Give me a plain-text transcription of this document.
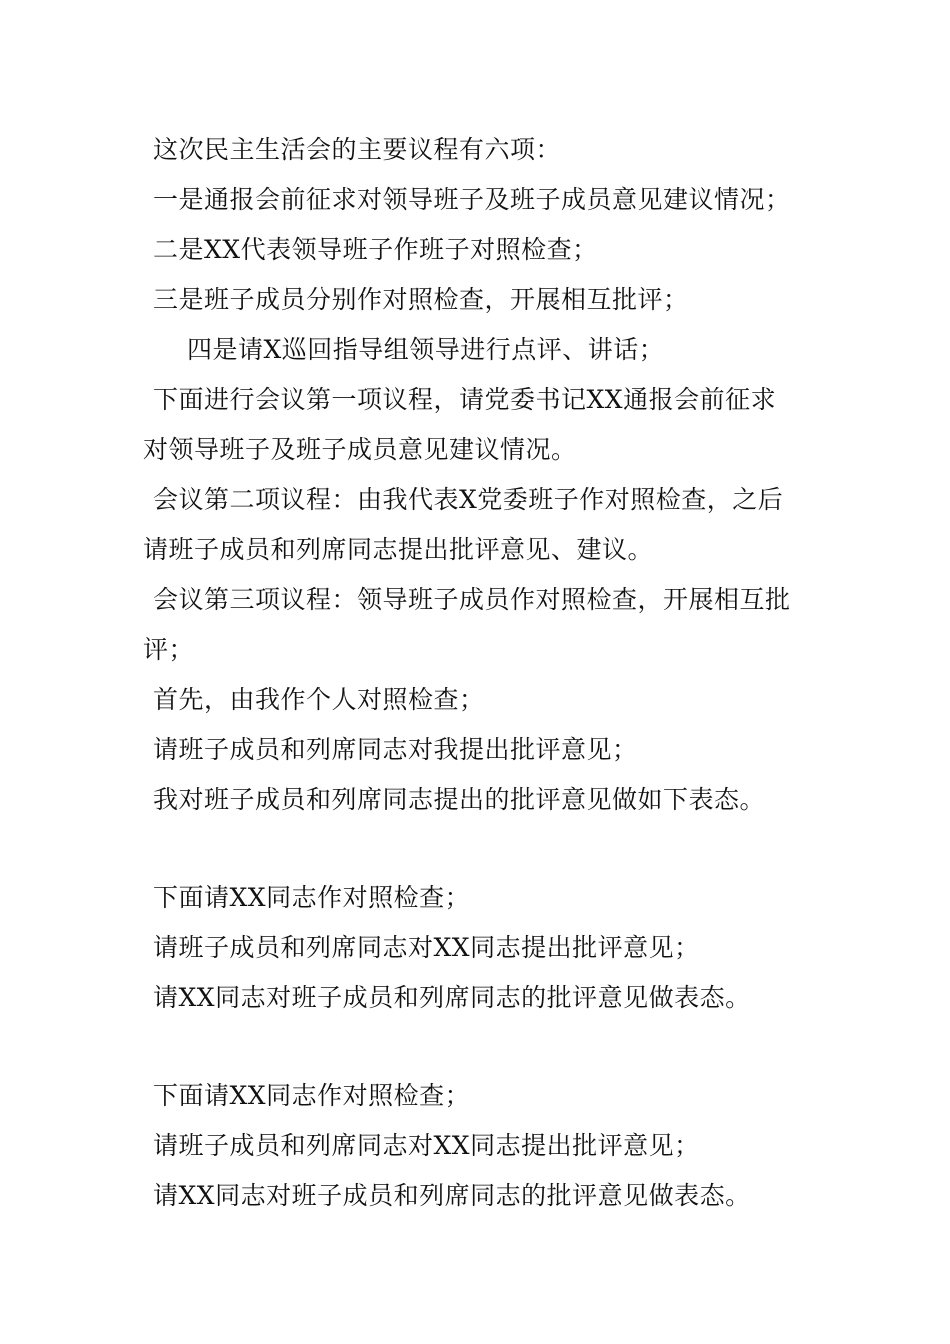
这次民主生活会的主要议程有六项：
一是通报会前征求对领导班子及班子成员意见建议情况；
二是XX代表领导班子作班子对照检查；
三是班子成员分别作对照检查，开展相互批评；
四是请X巡回指导组领导进行点评、讲话；
下面进行会议第一项议程，请党委书记XX通报会前征求
对领导班子及班子成员意见建议情况。
会议第二项议程：由我代表X党委班子作对照检查，之后
请班子成员和列席同志提出批评意见、建议。
会议第三项议程：领导班子成员作对照检查，开展相互批
评；
首先，由我作个人对照检查；
请班子成员和列席同志对我提出批评意见；
我对班子成员和列席同志提出的批评意见做如下表态。
下面请XX同志作对照检查；
请班子成员和列席同志对XX同志提出批评意见；
请XX同志对班子成员和列席同志的批评意见做表态。
下面请XX同志作对照检查；
请班子成员和列席同志对XX同志提出批评意见；
请XX同志对班子成员和列席同志的批评意见做表态。
